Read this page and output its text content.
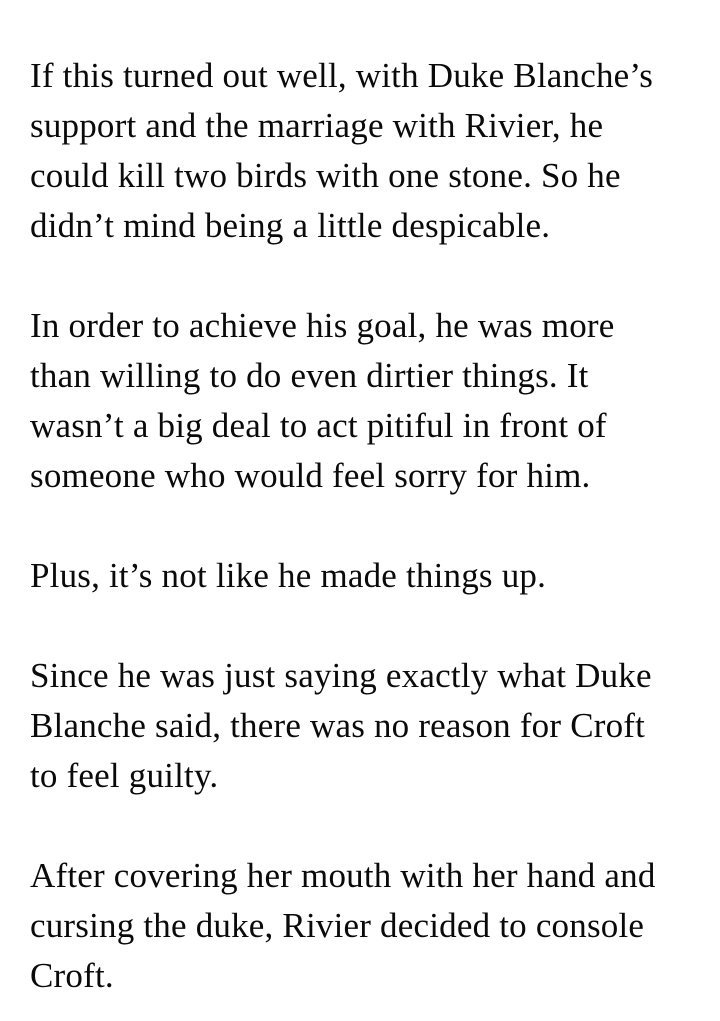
If this turned out well, with Duke Blanche’s
support and the marriage with Rivier, he
could kill two birds with one stone. So he
didn’t mind being a little despicable.

In order to achieve his goal, he was more
than willing to do even dirtier things. It
wasn’t a big deal to act pitiful in front of
someone who would feel sorry for him.

Plus, it’s not like he made things up.

Since he was just saying exactly what Duke
Blanche said, there was no reason for Croft
to feel guilty.

After covering her mouth with her hand and
cursing the duke, Rivier decided to console
Croft.
